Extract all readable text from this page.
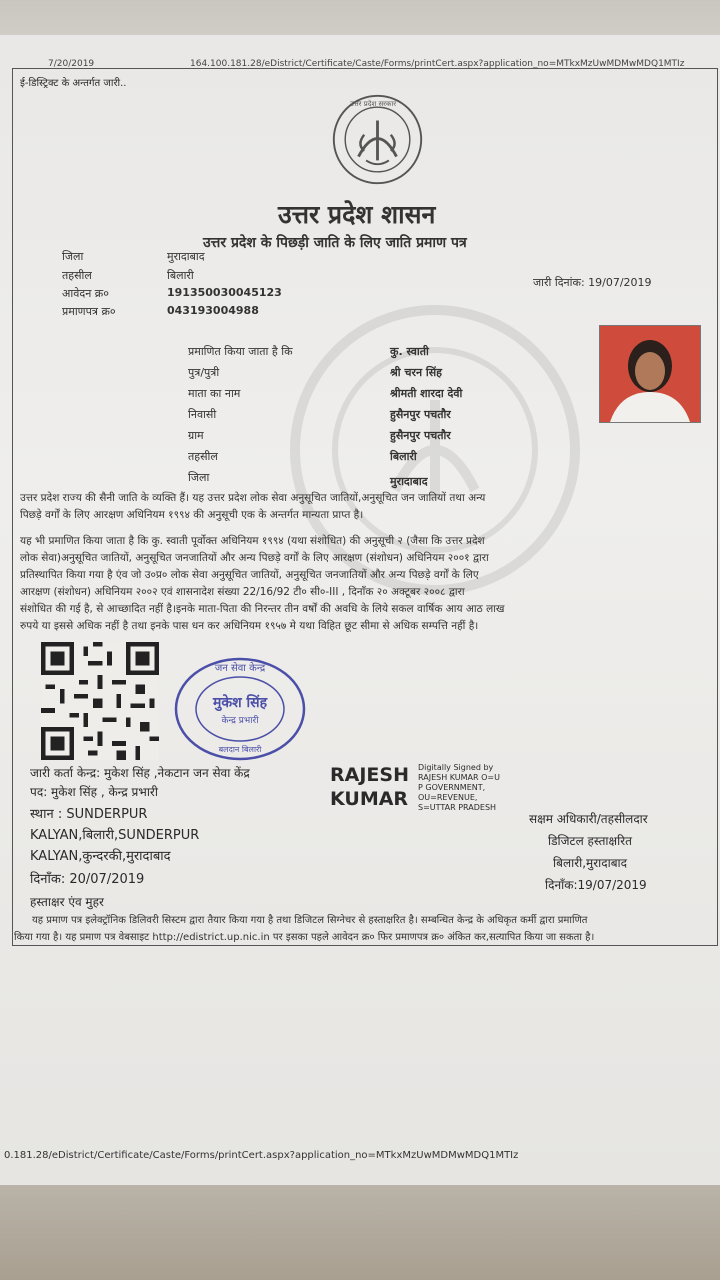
7/20/2019	164.100.181.28/eDistrict/Certificate/Caste/Forms/printCert.aspx?application_no=MTkxMzUwMDMwMDQ1MTIz
ई-डिस्ट्रिक्ट के अन्तर्गत जारी..
उत्तर प्रदेश सरकार
उत्तर प्रदेश शासन
उत्तर प्रदेश के पिछड़ी जाति के लिए जाति प्रमाण पत्र
जिला	मुरादाबाद
तहसील	बिलारी
आवेदन क्र०	191350030045123
प्रमाणपत्र क्र०	043193004988
जारी दिनांक: 19/07/2019
प्रमाणित किया जाता है कि	कु. स्वाती
पुत्र/पुत्री	श्री चरन सिंह
माता का नाम	श्रीमती शारदा देवी
निवासी	हुसैनपुर पचतौर
ग्राम	हुसैनपुर पचतौर
तहसील	बिलारी
जिला	मुरादाबाद
उत्तर प्रदेश राज्य की सैनी जाति के व्यक्ति हैं। यह उत्तर प्रदेश लोक सेवा अनुसूचित जातियों,अनुसूचित जन जातियों तथा अन्य
पिछड़े वर्गों के लिए आरक्षण अधिनियम १९९४ की अनुसूची एक के अन्तर्गत मान्यता प्राप्त है।
यह भी प्रमाणित किया जाता है कि कु. स्वाती पूर्वोक्त अधिनियम १९९४ (यथा संशोधित) की अनुसूची २ (जैसा कि उत्तर प्रदेश
लोक सेवा)अनुसूचित जातियों, अनुसूचित जनजातियों और अन्य पिछड़े वर्गों के लिए आरक्षण (संशोधन) अधिनियम २००१ द्वारा
प्रतिस्थापित किया गया है एंव जो उ०प्र० लोक सेवा अनुसूचित जातियों, अनुसूचित जनजातियों और अन्य पिछड़े वर्गों के लिए
आरक्षण (संशोधन) अधिनियम २००२ एवं शासनादेश संख्या 22/16/92 टी० सी०-III , दिनाँक २० अक्टूबर २००८ द्वारा
संशोधित की गई है, से आच्छादित नहीं है।इनके माता-पिता की निरन्तर तीन वर्षों की अवधि के लिये सकल वार्षिक आय आठ लाख
रुपये या इससे अधिक नहीं है तथा इनके पास धन कर अधिनियम १९५७ मे यथा विहित छूट सीमा से अधिक सम्पत्ति नहीं है।
जन सेवा केन्द्र
मुकेश सिंह
केन्द्र प्रभारी
बलदान बिलारी
जारी कर्ता केन्द्र: मुकेश सिंह ,नेकटान जन सेवा केंद्र
पद: मुकेश सिंह , केन्द्र प्रभारी
स्थान : SUNDERPUR
KALYAN,बिलारी,SUNDERPUR
KALYAN,कुन्दरकी,मुरादाबाद
दिनाँक: 20/07/2019
हस्ताक्षर एंव मुहर
RAJESH
KUMAR
Digitally Signed by
RAJESH KUMAR O=U
P GOVERNMENT,
OU=REVENUE,
S=UTTAR PRADESH
सक्षम अधिकारी/तहसीलदार
डिजिटल हस्ताक्षरित
बिलारी,मुरादाबाद
दिनाँक:19/07/2019
यह प्रमाण पत्र इलेक्ट्रॉनिक डिलिवरी सिस्टम द्वारा तैयार किया गया है तथा डिजिटल सिग्नेचर से हस्ताक्षरित है। सम्बन्धित केन्द्र के अधिकृत कर्मी द्वारा प्रमाणित
किया गया है। यह प्रमाण पत्र वेबसाइट http://edistrict.up.nic.in पर इसका पहले आवेदन क्र० फिर प्रमाणपत्र क्र० अंकित कर,सत्यापित किया जा सकता है।
0.181.28/eDistrict/Certificate/Caste/Forms/printCert.aspx?application_no=MTkxMzUwMDMwMDQ1MTIz
